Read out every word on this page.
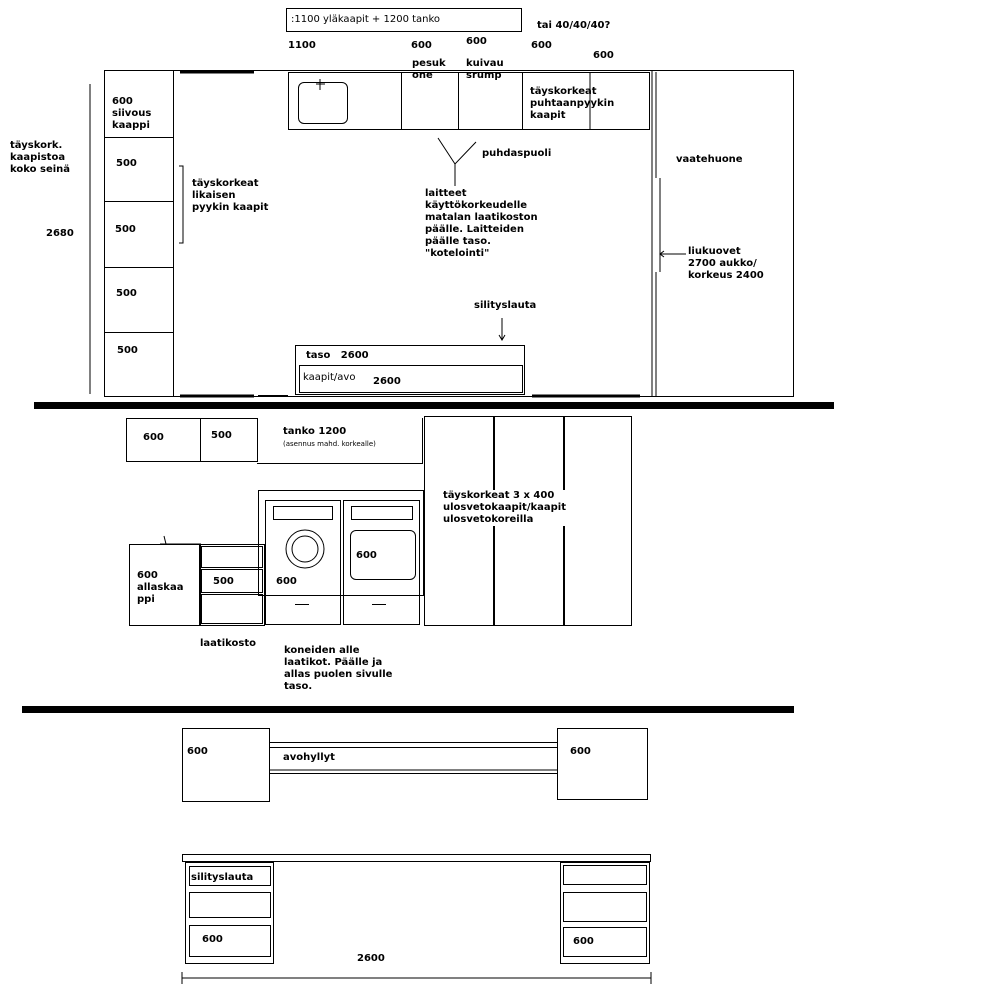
:1100 yläkaapit + 1200 tanko
tai 40/40/40?
1100	600	600	600
600
600
siivous
kaappi
500
500
500
500
täyskork.
kaapistoa
koko seinä
2680
täyskorkeat
likaisen
pyykin kaapit
pesuk
one
kuivau
srump
täyskorkeat
puhtaanpyykin
kaapit
puhdaspuoli
laitteet
käyttökorkeudelle
matalan laatikoston
päälle. Laitteiden
päälle taso.
"kotelointi"
vaatehuone
liukuovet
2700 aukko/
korkeus 2400
silityslauta
taso   2600
kaapit/avo 2600
600	500	tanko 1200
(asennus mahd. korkealle)
600
600
täyskorkeat 3 x 400
ulosvetokaapit/kaapit
ulosvetokoreilla
600
allaskaa
ppi
500
laatikosto
koneiden alle
laatikot. Päälle ja
allas puolen sivulle
taso.
600
avohyllyt
600
silityslauta
600	600
2600
